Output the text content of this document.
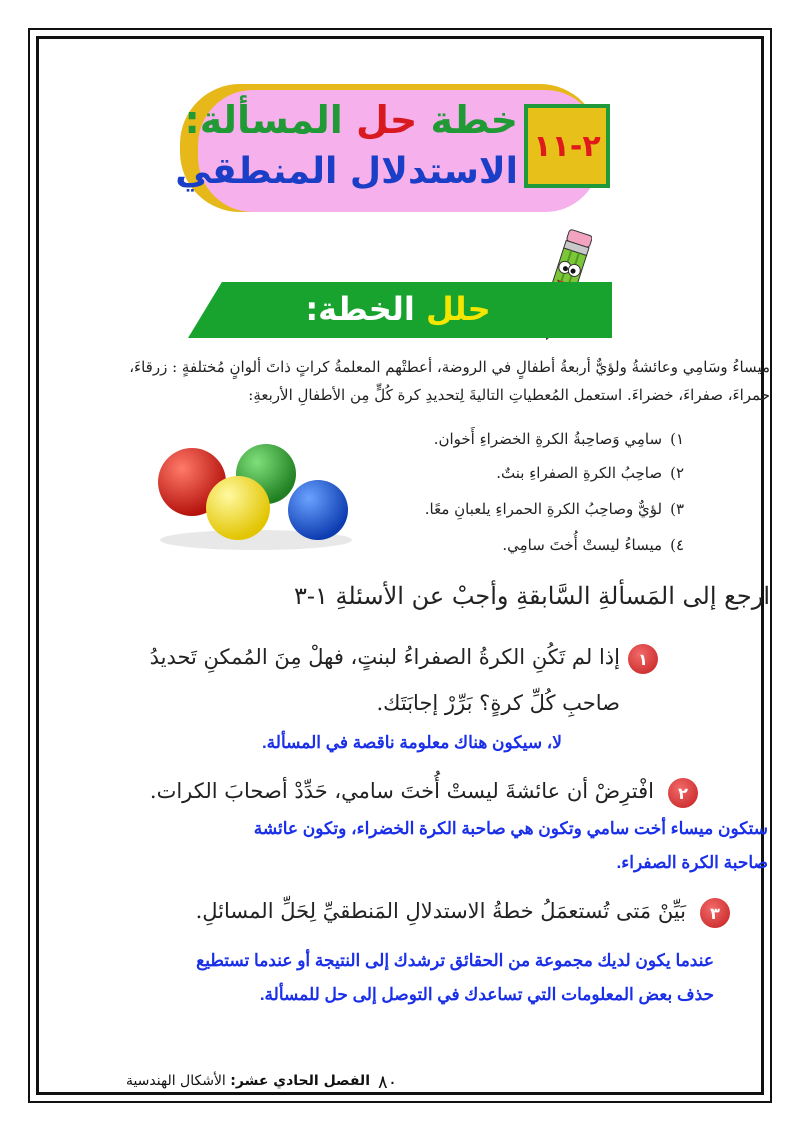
خطة حل المسألة:
الاستدلال المنطقي
٢-١١
حلل الخطة:
ميساءُ وسَامِي وعائشةُ ولؤيٌّ أربعةُ أطفالٍ في الروضة، أعطتْهم المعلمةُ كراتٍ ذاتَ ألوانٍ مُختلفةٍ : زرقاءَ،
حمراءَ، صفراءَ، خضراءَ. استعمل المُعطياتِ التاليةَ لِتحديدِ كرة كُلٍّ مِن الأطفالِ الأربعةِ:
١)
سامِي وَصاحِبةُ الكرةِ الخضراءِ أَخوان.
٢)
صاحِبُ الكرةِ الصفراءِ بنتٌ.
٣)
لؤيٌّ وصاحِبُ الكرةِ الحمراءِ يلعبانِ معًا.
٤)
ميساءُ ليستْ أُختَ سامِي.
ارجع إلى المَسألةِ السَّابقةِ وأجبْ عن الأسئلةِ ١-٣
١
إذا لم تَكُنِ الكرةُ الصفراءُ لبنتٍ، فهلْ مِنَ المُمكنِ تَحديدُ
صاحبِ كُلِّ كرةٍ؟ بَرِّرْ إجابَتَك.
لا، سيكون هناك معلومة ناقصة في المسألة.
٢
افْترِضْ أن عائشةَ ليستْ أُختَ سامي، حَدِّدْ أصحابَ الكرات.
ستكون ميساء أخت سامي وتكون هي صاحبة الكرة الخضراء، وتكون عائشة
صاحبة الكرة الصفراء.
٣
بَيِّنْ مَتى تُستعمَلُ خطةُ الاستدلالِ المَنطقيِّ لِحَلِّ المسائلِ.
عندما يكون لديك مجموعة من الحقائق ترشدك إلى النتيجة أو عندما تستطيع
حذف بعض المعلومات التي تساعدك في التوصل إلى حل للمسألة.
٨٠
الفصل الحادي عشر: الأشكال الهندسية
